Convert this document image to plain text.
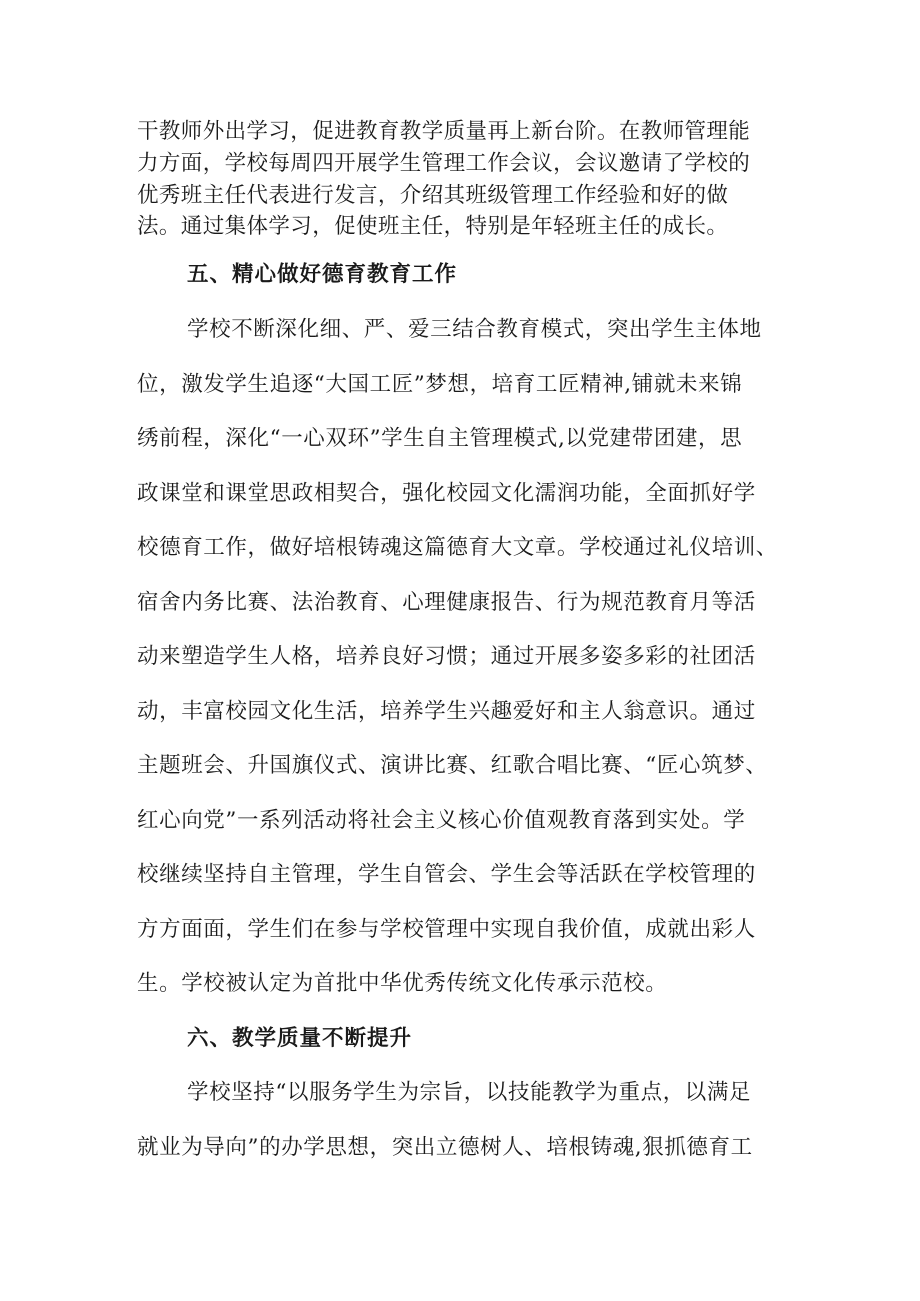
干教师外出学习，促进教育教学质量再上新台阶。在教师管理能
力方面，学校每周四开展学生管理工作会议，会议邀请了学校的
优秀班主任代表进行发言，介绍其班级管理工作经验和好的做
法。通过集体学习，促使班主任，特别是年轻班主任的成长。
五、精心做好德育教育工作
学校不断深化细、严、爱三结合教育模式，突出学生主体地
位，激发学生追逐“大国工匠”梦想，培育工匠精神,铺就未来锦
绣前程，深化“一心双环”学生自主管理模式,以党建带团建，思
政课堂和课堂思政相契合，强化校园文化濡润功能，全面抓好学
校德育工作，做好培根铸魂这篇德育大文章。学校通过礼仪培训、
宿舍内务比赛、法治教育、心理健康报告、行为规范教育月等活
动来塑造学生人格，培养良好习惯；通过开展多姿多彩的社团活
动，丰富校园文化生活，培养学生兴趣爱好和主人翁意识。通过
主题班会、升国旗仪式、演讲比赛、红歌合唱比赛、“匠心筑梦、
红心向党”一系列活动将社会主义核心价值观教育落到实处。学
校继续坚持自主管理，学生自管会、学生会等活跃在学校管理的
方方面面，学生们在参与学校管理中实现自我价值，成就出彩人
生。学校被认定为首批中华优秀传统文化传承示范校。
六、教学质量不断提升
学校坚持“以服务学生为宗旨，以技能教学为重点，以满足
就业为导向”的办学思想，突出立德树人、培根铸魂,狠抓德育工
